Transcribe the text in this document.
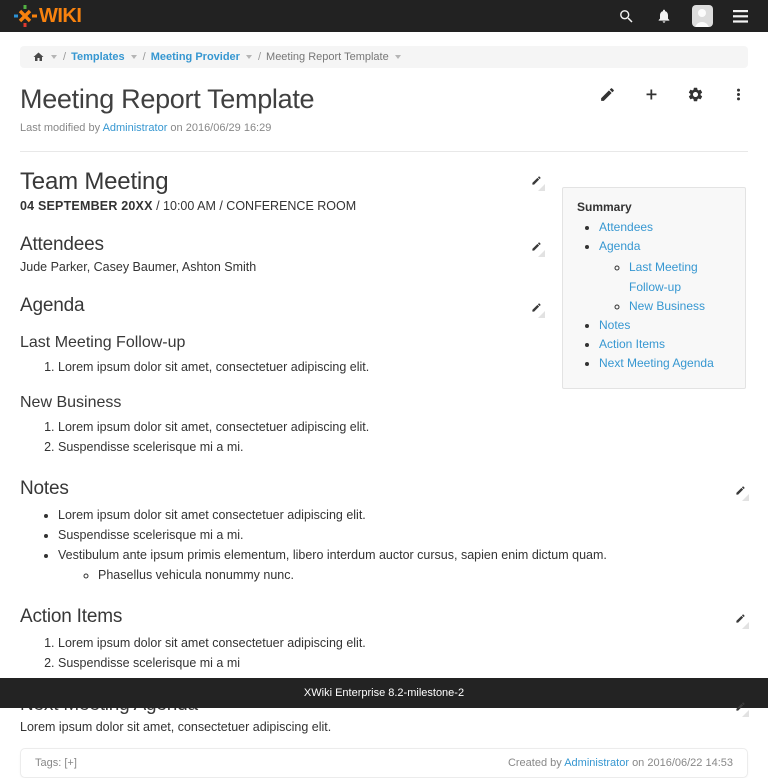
WIKI
/ Templates / Meeting Provider / Meeting Report Template
Meeting Report Template

Last modified by Administrator on 2016/06/29 16:29

Summary
• Attendees
• Agenda
◦ Last Meeting Follow-up
◦ New Business
• Notes
• Action Items
• Next Meeting Agenda
Team Meeting

04 SEPTEMBER 20XX / 10:00 AM / CONFERENCE ROOM

Attendees

Jude Parker, Casey Baumer, Ashton Smith

Agenda
Last Meeting Follow-up
1. Lorem ipsum dolor sit amet, consectetuer adipiscing elit.
New Business
1. Lorem ipsum dolor sit amet, consectetuer adipiscing elit.
2. Suspendisse scelerisque mi a mi.
Notes
• Lorem ipsum dolor sit amet consectetuer adipiscing elit.
• Suspendisse scelerisque mi a mi.
• Vestibulum ante ipsum primis elementum, libero interdum auctor cursus, sapien enim dictum quam.
◦ Phasellus vehicula nonummy nunc.
Action Items
1. Lorem ipsum dolor sit amet consectetuer adipiscing elit.
2. Suspendisse scelerisque mi a mi

Lorem ipsum dolor sit amet, consectetuer adipiscing elit.

Tags: [+]	Created by Administrator on 2016/06/22 14:53
XWiki Enterprise 8.2-milestone-2
